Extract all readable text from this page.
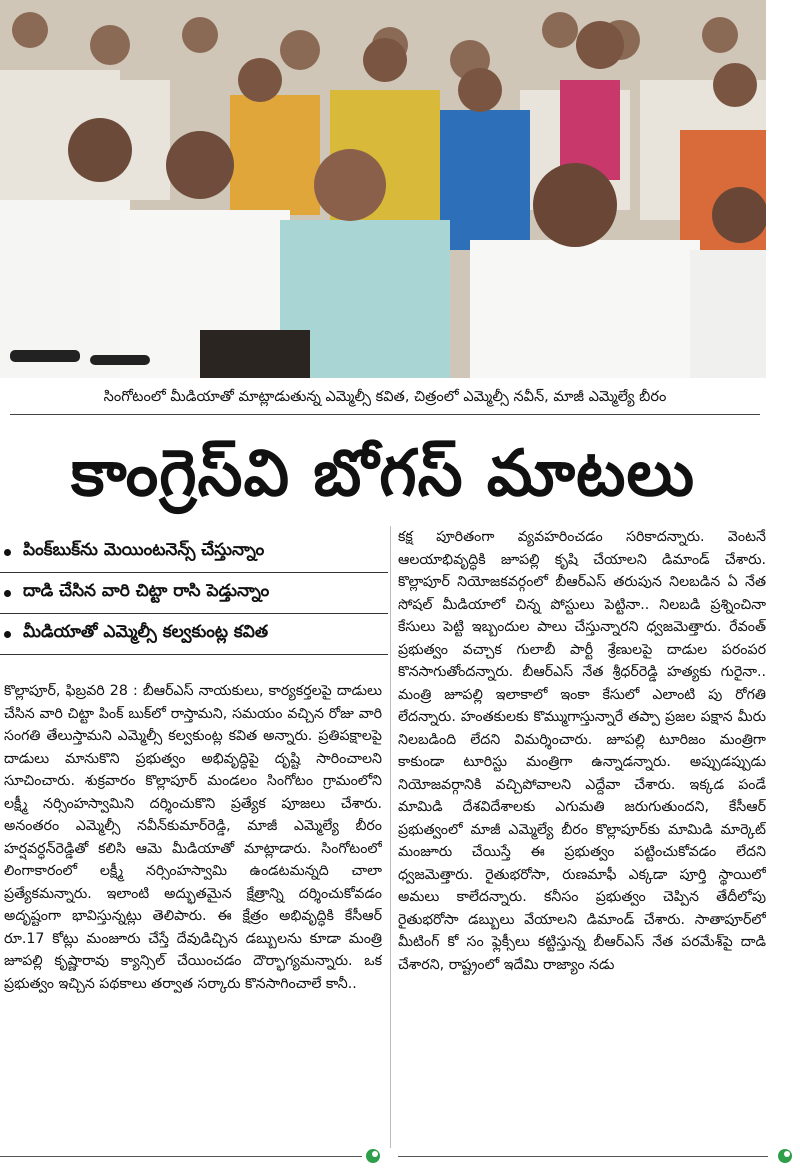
సింగోటంలో మీడియాతో మాట్లాడుతున్న ఎమ్మెల్సీ కవిత, చిత్రంలో ఎమ్మెల్సీ నవీన్, మాజీ ఎమ్మెల్యే బీరం
కాంగ్రెస్‌వి బోగస్ మాటలు
పింక్‌బుక్‌ను మెయింటనెన్స్ చేస్తున్నాం
దాడి చేసిన వారి చిట్టా రాసి పెడ్తున్నాం
మీడియాతో ఎమ్మెల్సీ కల్వకుంట్ల కవిత

కొల్లాపూర్, ఫిబ్రవరి 28 : బీఆర్‌ఎస్ నాయకులు, కార్యకర్తలపై దాడులు చేసిన వారి చిట్టా పింక్ బుక్‌లో రాస్తామని, సమయం వచ్చిన రోజు వారి సంగతి తేలుస్తామని ఎమ్మెల్సీ కల్వకుంట్ల కవిత అన్నారు. ప్రతిపక్షాలపై దాడులు మానుకొని ప్రభుత్వం అభివృద్ధిపై దృష్టి సారించాలని సూచించారు. శుక్రవారం కొల్లాపూర్ మండలం సింగోటం గ్రామంలోని లక్ష్మీ నర్సింహస్వామిని దర్శించుకొని ప్రత్యేక పూజలు చేశారు. అనంతరం ఎమ్మెల్సీ నవీన్‌కుమార్‌రెడ్డి, మాజీ ఎమ్మెల్యే బీరం హర్షవర్ధన్‌రెడ్డితో కలిసి ఆమె మీడియాతో మాట్లాడారు. సింగోటంలో లింగాకారంలో లక్ష్మీ నర్సింహస్వామి ఉండటమన్నది చాలా ప్రత్యేకమన్నారు. ఇలాంటి అద్భుతమైన క్షేత్రాన్ని దర్శించుకోవడం అదృష్టంగా భావిస్తున్నట్లు తెలిపారు. ఈ క్షేత్రం అభివృద్ధికి కేసీఆర్ రూ.17 కోట్లు మంజూరు చేస్తే దేవుడిచ్చిన డబ్బులను కూడా మంత్రి జూపల్లి కృష్ణారావు క్యాన్సిల్ చేయించడం దౌర్భాగ్యమన్నారు. ఒక ప్రభుత్వం ఇచ్చిన పథకాలు తర్వాత సర్కారు కొనసాగించాలే కానీ..

కక్ష పూరితంగా వ్యవహరించడం సరికాదన్నారు. వెంటనే ఆలయాభివృద్ధికి జూపల్లి కృషి చేయాలని డిమాండ్ చేశారు. కొల్లాపూర్ నియోజకవర్గంలో బీఆర్‌ఎస్ తరుపున నిలబడిన ఏ నేత సోషల్ మీడియాలో చిన్న పోస్టులు పెట్టినా.. నిలబడి ప్రశ్నించినా కేసులు పెట్టి ఇబ్బందుల పాలు చేస్తున్నారని ధ్వజమెత్తారు. రేవంత్ ప్రభుత్వం వచ్చాక గులాబీ పార్టీ శ్రేణులపై దాడుల పరంపర కొనసాగుతోందన్నారు. బీఆర్‌ఎస్ నేత శ్రీధర్‌రెడ్డి హత్యకు గురైనా.. మంత్రి జూపల్లి ఇలాకాలో ఇంకా కేసులో ఎలాంటి పు రోగతి లేదన్నారు. హంతకులకు కొమ్ముగాస్తున్నారే తప్పా ప్రజల పక్షాన మీరు నిలబడింది లేదని విమర్శించారు. జూపల్లి టూరిజం మంత్రిగా కాకుండా టూరిస్టు మంత్రిగా ఉన్నాడన్నారు. అప్పుడప్పుడు నియోజవర్గానికి వచ్చిపోవాలని ఎద్దేవా చేశారు. ఇక్కడ పండే మామిడి దేశవిదేశాలకు ఎగుమతి జరుగుతుందని, కేసీఆర్ ప్రభుత్వంలో మాజీ ఎమ్మెల్యే బీరం కొల్లాపూర్‌కు మామిడి మార్కెట్ మంజూరు చేయిస్తే ఈ ప్రభుత్వం పట్టించుకోవడం లేదని ధ్వజమెత్తారు. రైతుభరోసా, రుణమాఫీ ఎక్కడా పూర్తి స్థాయిలో అమలు కాలేదన్నారు. కనీసం ప్రభుత్వం చెప్పిన తేదీలోపు రైతుభరోసా డబ్బులు వేయాలని డిమాండ్ చేశారు. సాతాపూర్‌లో మీటింగ్ కో సం ఫ్లెక్సీలు కట్టిస్తున్న బీఆర్‌ఎస్ నేత పరమేశ్‌పై దాడి చేశారని, రాష్ట్రంలో ఇదేమి రాజ్యాం నడు
